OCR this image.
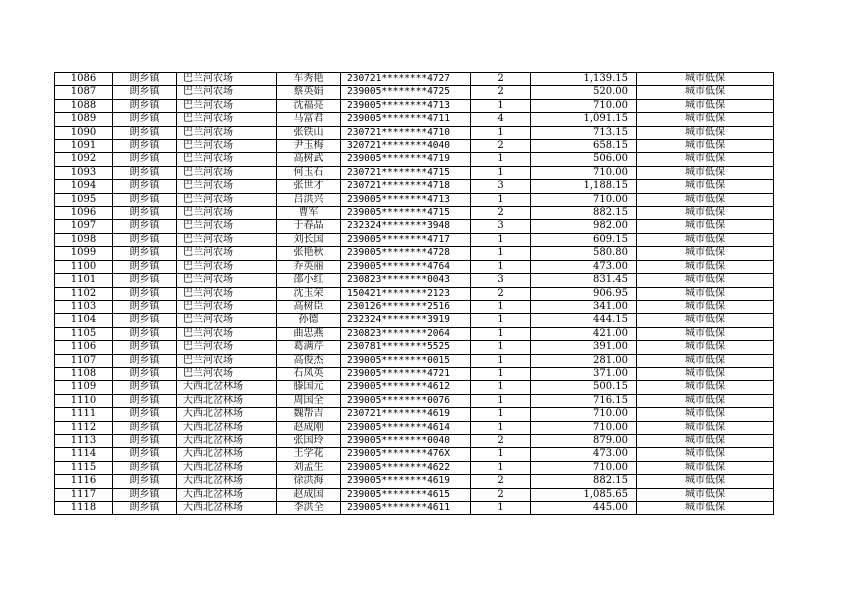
1086	朗乡镇	巴兰河农场	车秀艳	230721********4727	2	1,139.15	城市低保
1087	朗乡镇	巴兰河农场	蔡英娟	239005********4725	2	520.00	城市低保
1088	朗乡镇	巴兰河农场	沈福亮	239005********4713	1	710.00	城市低保
1089	朗乡镇	巴兰河农场	马富君	239005********4711	4	1,091.15	城市低保
1090	朗乡镇	巴兰河农场	张铁山	230721********4710	1	713.15	城市低保
1091	朗乡镇	巴兰河农场	尹玉梅	320721********4040	2	658.15	城市低保
1092	朗乡镇	巴兰河农场	高树武	239005********4719	1	506.00	城市低保
1093	朗乡镇	巴兰河农场	何玉石	230721********4715	1	710.00	城市低保
1094	朗乡镇	巴兰河农场	张世才	230721********4718	3	1,188.15	城市低保
1095	朗乡镇	巴兰河农场	吕洪兴	239005********4713	1	710.00	城市低保
1096	朗乡镇	巴兰河农场	曹军	239005********4715	2	882.15	城市低保
1097	朗乡镇	巴兰河农场	于春晶	232324********3948	3	982.00	城市低保
1098	朗乡镇	巴兰河农场	刘长国	239005********4717	1	609.15	城市低保
1099	朗乡镇	巴兰河农场	张艳秋	239005********4728	1	580.80	城市低保
1100	朗乡镇	巴兰河农场	乔英丽	239005********4764	1	473.00	城市低保
1101	朗乡镇	巴兰河农场	邵小红	230823********0043	3	831.45	城市低保
1102	朗乡镇	巴兰河农场	沈玉荣	150421********2123	2	906.95	城市低保
1103	朗乡镇	巴兰河农场	高树臣	230126********2516	1	341.00	城市低保
1104	朗乡镇	巴兰河农场	孙德	232324********3919	1	444.15	城市低保
1105	朗乡镇	巴兰河农场	曲忠燕	230823********2064	1	421.00	城市低保
1106	朗乡镇	巴兰河农场	葛满芹	230781********5525	1	391.00	城市低保
1107	朗乡镇	巴兰河农场	高俊杰	239005********0015	1	281.00	城市低保
1108	朗乡镇	巴兰河农场	石凤英	239005********4721	1	371.00	城市低保
1109	朗乡镇	大西北岔林场	滕国元	239005********4612	1	500.15	城市低保
1110	朗乡镇	大西北岔林场	周国全	239005********0076	1	716.15	城市低保
1111	朗乡镇	大西北岔林场	魏帮吉	230721********4619	1	710.00	城市低保
1112	朗乡镇	大西北岔林场	赵成刚	239005********4614	1	710.00	城市低保
1113	朗乡镇	大西北岔林场	张国玲	239005********0040	2	879.00	城市低保
1114	朗乡镇	大西北岔林场	王学花	239005********476X	1	473.00	城市低保
1115	朗乡镇	大西北岔林场	刘孟生	239005********4622	1	710.00	城市低保
1116	朗乡镇	大西北岔林场	徐洪海	239005********4619	2	882.15	城市低保
1117	朗乡镇	大西北岔林场	赵成国	239005********4615	2	1,085.65	城市低保
1118	朗乡镇	大西北岔林场	李洪全	239005********4611	1	445.00	城市低保
